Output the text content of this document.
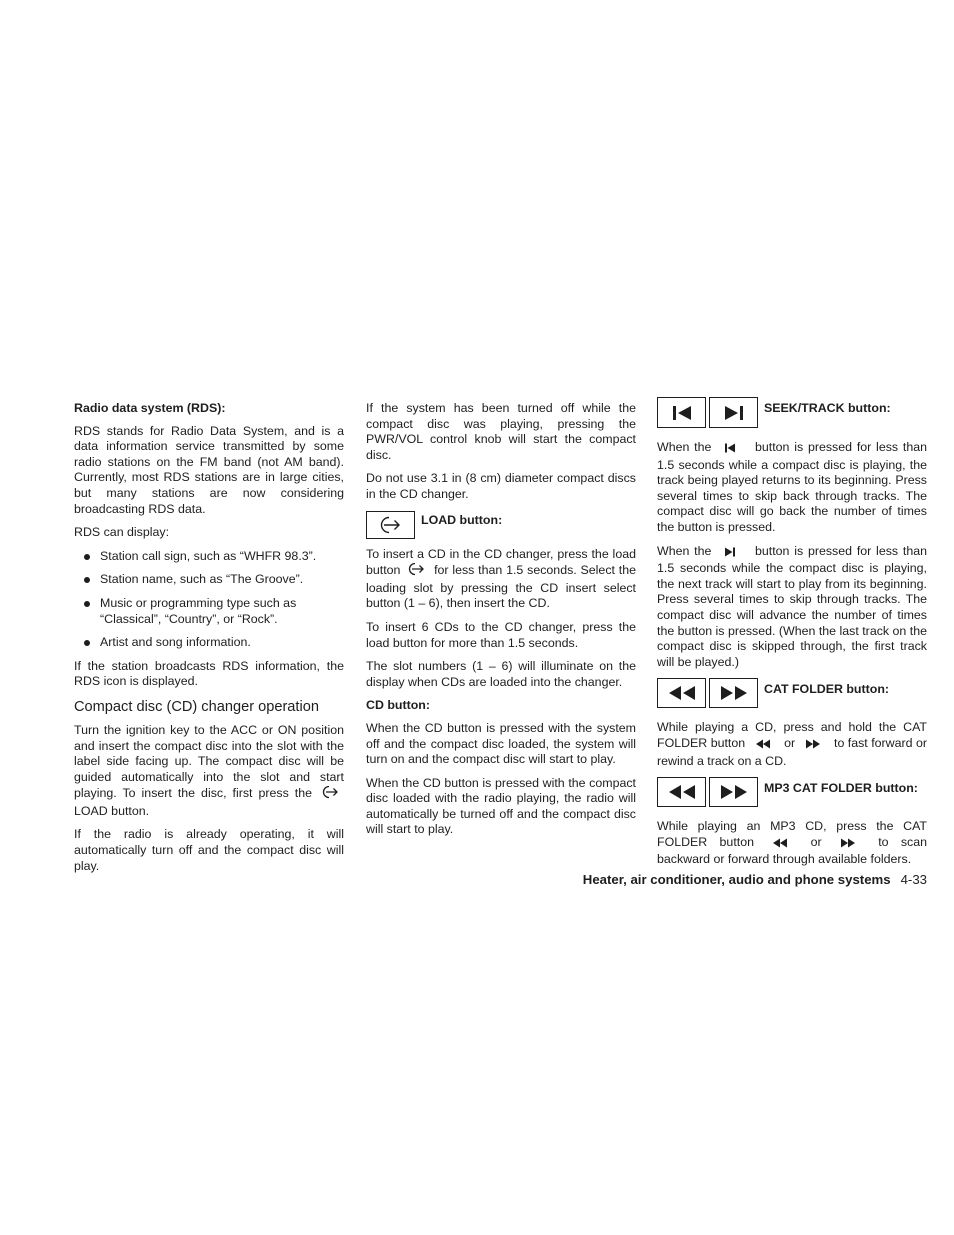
Radio data system (RDS):

RDS stands for Radio Data System, and is a data information service transmitted by some radio stations on the FM band (not AM band). Currently, most RDS stations are in large cities, but many stations are now considering broadcasting RDS data.

RDS can display:

Station call sign, such as “WHFR 98.3”.
Station name, such as “The Groove”.
Music or programming type such as “Classical”, “Country”, or “Rock”.
Artist and song information.

If the station broadcasts RDS information, the RDS icon is displayed.

Compact disc (CD) changer operation

Turn the ignition key to the ACC or ON position and insert the compact disc into the slot with the label side facing up. The compact disc will be guided automatically into the slot and start playing. To insert the disc, first press the  LOAD button.

If the radio is already operating, it will automatically turn off and the compact disc will play.

If the system has been turned off while the compact disc was playing, pressing the PWR/VOL control knob will start the compact disc.

Do not use 3.1 in (8 cm) diameter compact discs in the CD changer.

LOAD button:

To insert a CD in the CD changer, press the load button	for less than 1.5 seconds. Select the loading slot by pressing the CD insert select button (1 – 6), then insert the CD.

To insert 6 CDs to the CD changer, press the load button for more than 1.5 seconds.

The slot numbers (1 – 6) will illuminate on the display when CDs are loaded into the changer.

CD button:

When the CD button is pressed with the system off and the compact disc loaded, the system will turn on and the compact disc will start to play.

When the CD button is pressed with the compact disc loaded with the radio playing, the radio will automatically be turned off and the compact disc will start to play.

SEEK/TRACK button:

When the	button is pressed for less than 1.5 seconds while a compact disc is playing, the track being played returns to its beginning. Press several times to skip back through tracks. The compact disc will go back the number of times the button is pressed.

When the	button is pressed for less than 1.5 seconds while the compact disc is playing, the next track will start to play from its beginning. Press several times to skip through tracks. The compact disc will advance the number of times the button is pressed. (When the last track on the compact disc is skipped through, the first track will be played.)

CAT FOLDER button:

While playing a CD, press and hold the CAT FOLDER button	or	to fast forward or rewind a track on a CD.

MP3 CAT FOLDER button:

While playing an MP3 CD, press the CAT FOLDER button	or	to scan backward or forward through available folders.

Heater, air conditioner, audio and phone systems 4-33
